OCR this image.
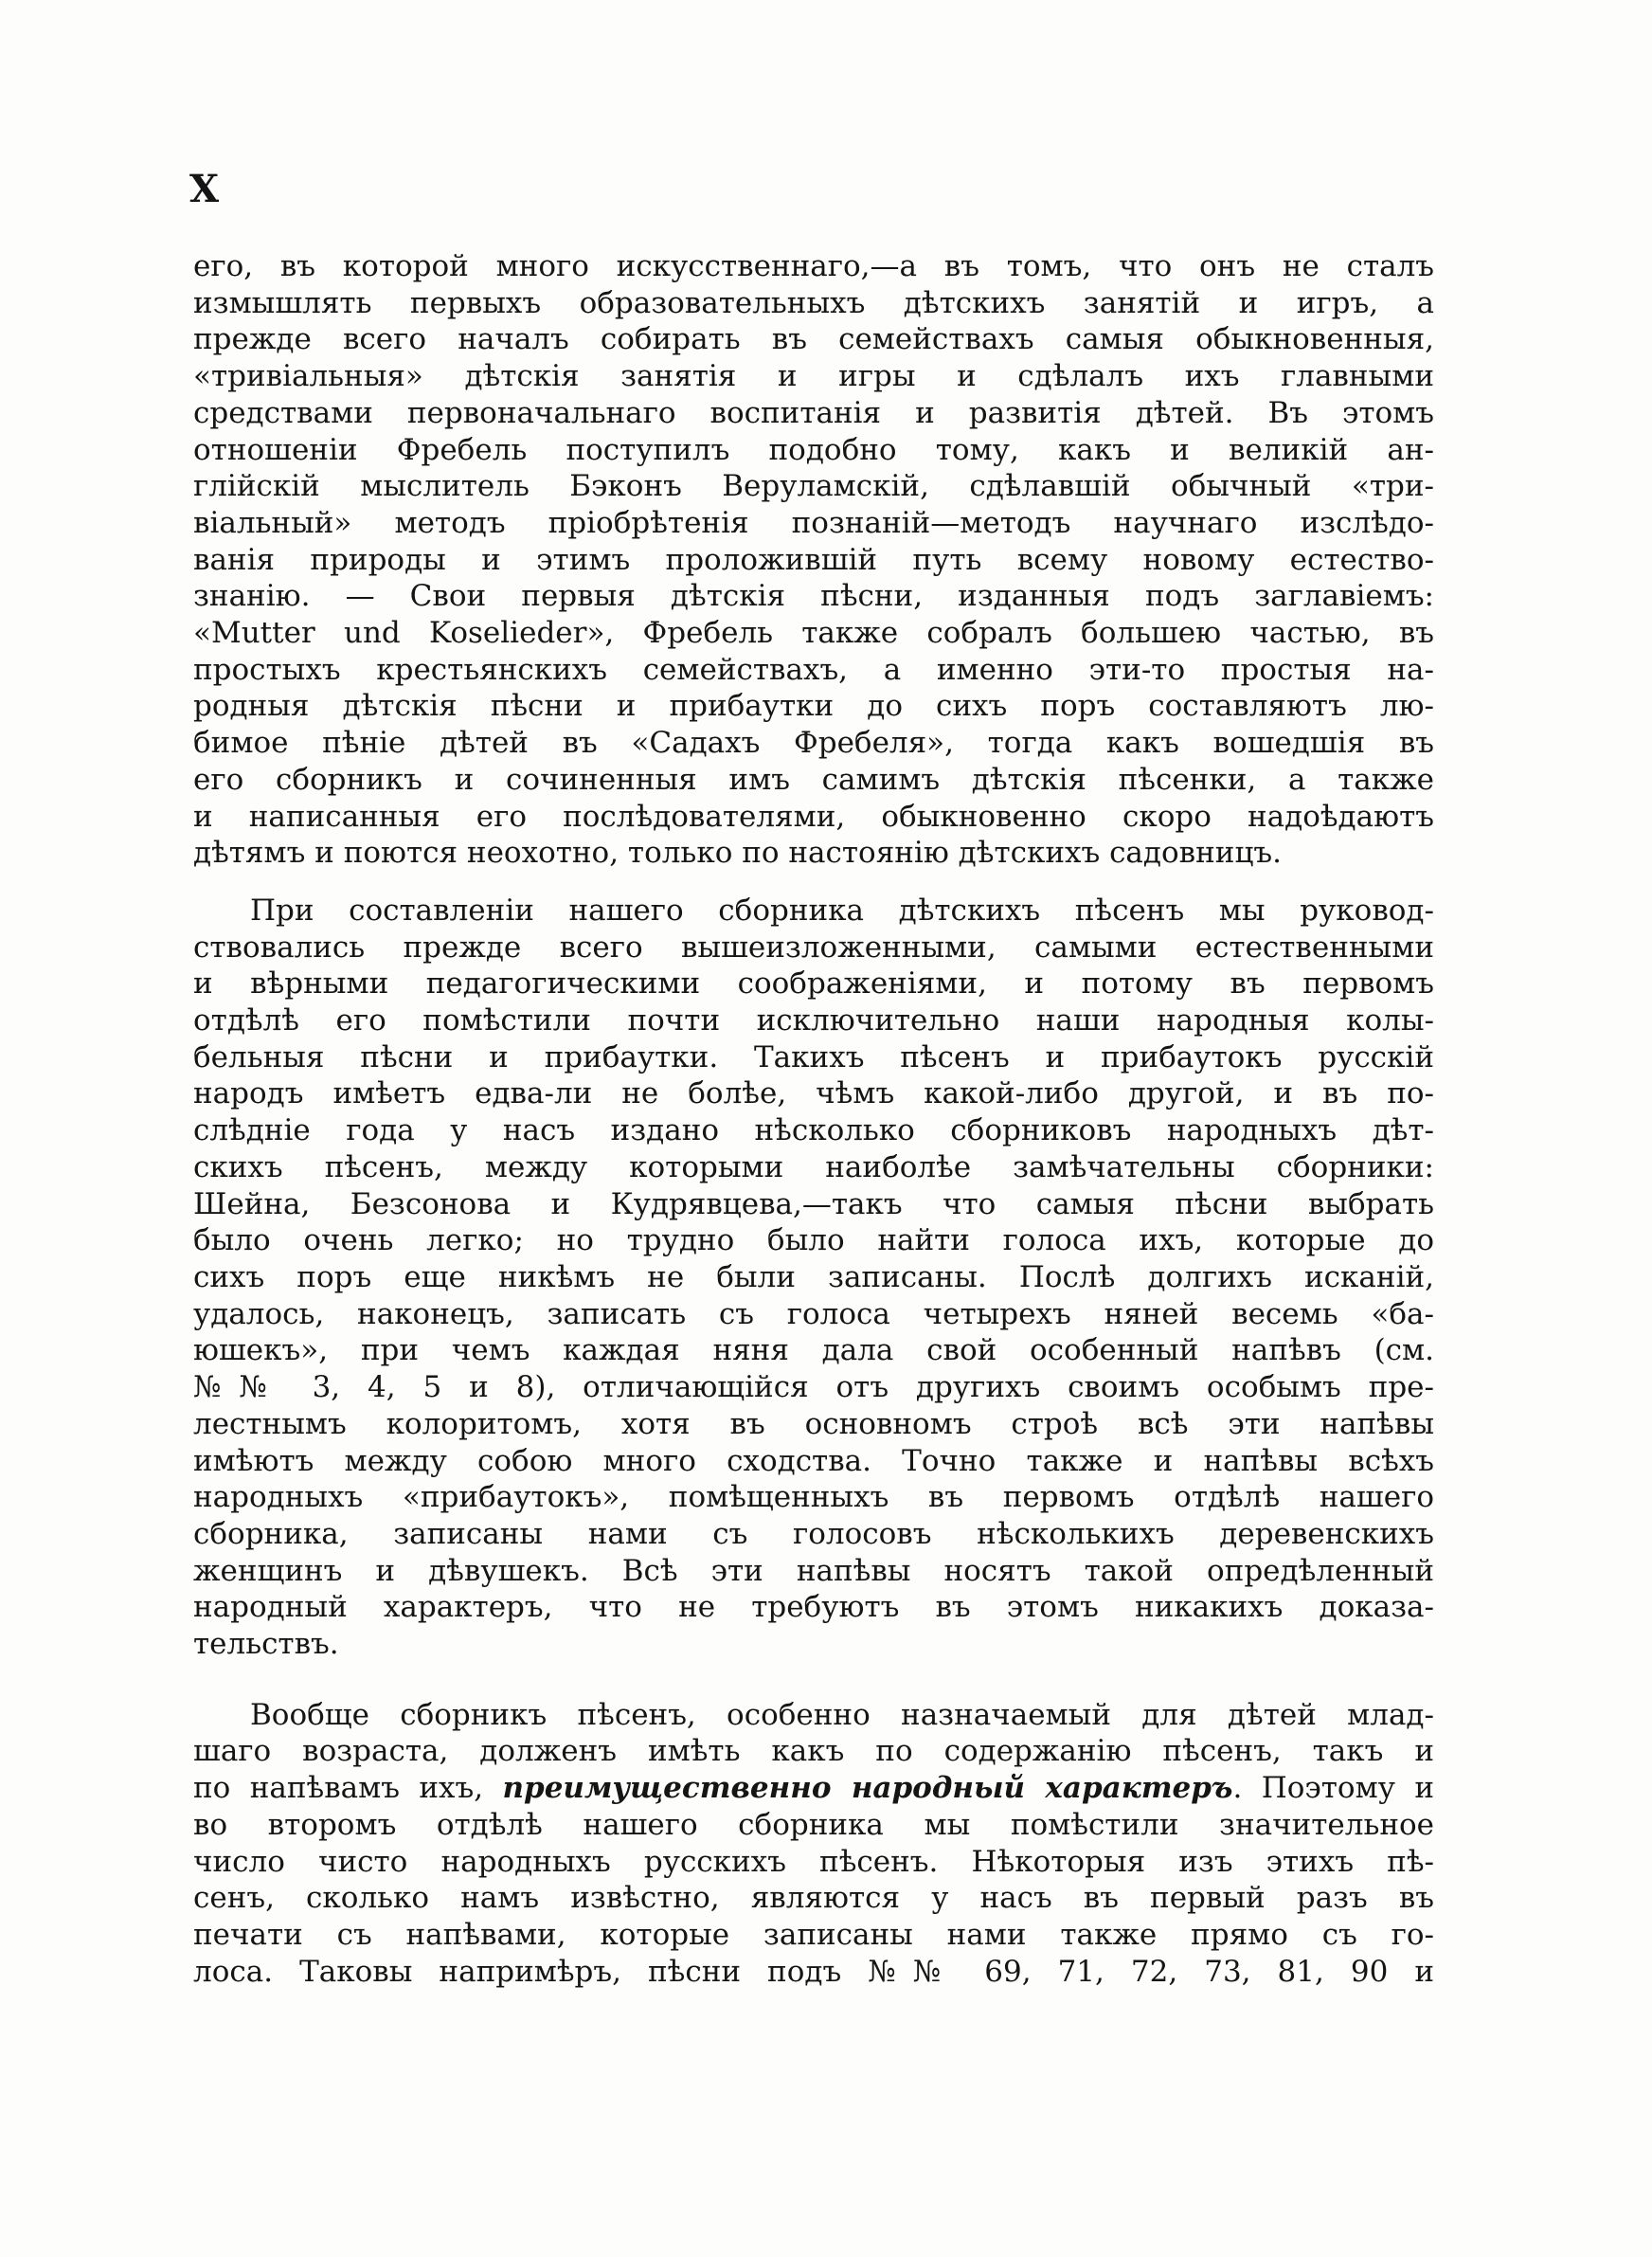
X

его, въ которой много искусственнаго,—а въ томъ, что онъ не сталъ
измышлять первыхъ образовательныхъ дѣтскихъ занятій и игръ, а
прежде всего началъ собирать въ семействахъ самыя обыкновенныя,
«тривіальныя» дѣтскія занятія и игры и сдѣлалъ ихъ главными
средствами первоначальнаго воспитанія и развитія дѣтей. Въ этомъ
отношеніи Фребель поступилъ подобно тому, какъ и великій ан-
глійскій мыслитель Бэконъ Веруламскій, сдѣлавшій обычный «три-
віальный» методъ пріобрѣтенія познаній—методъ научнаго изслѣдо-
ванія природы и этимъ проложившій путь всему новому естество-
знанію. — Свои первыя дѣтскія пѣсни, изданныя подъ заглавіемъ:
«Mutter und Koselieder», Фребель также собралъ большею частью, въ
простыхъ крестьянскихъ семействахъ, а именно эти-то простыя на-
родныя дѣтскія пѣсни и прибаутки до сихъ поръ составляютъ лю-
бимое пѣніе дѣтей въ «Садахъ Фребеля», тогда какъ вошедшія въ
его сборникъ и сочиненныя имъ самимъ дѣтскія пѣсенки, а также
и написанныя его послѣдователями, обыкновенно скоро надоѣдаютъ
дѣтямъ и поются неохотно, только по настоянію дѣтскихъ садовницъ.

При составленіи нашего сборника дѣтскихъ пѣсенъ мы руковод-
ствовались прежде всего вышеизложенными, самыми естественными
и вѣрными педагогическими соображеніями, и потому въ первомъ
отдѣлѣ его помѣстили почти исключительно наши народныя колы-
бельныя пѣсни и прибаутки. Такихъ пѣсенъ и прибаутокъ русскій
народъ имѣетъ едва-ли не болѣе, чѣмъ какой-либо другой, и въ по-
слѣдніе года у насъ издано нѣсколько сборниковъ народныхъ дѣт-
скихъ пѣсенъ, между которыми наиболѣе замѣчательны сборники:
Шейна, Безсонова и Кудрявцева,—такъ что самыя пѣсни выбрать
было очень легко; но трудно было найти голоса ихъ, которые до
сихъ поръ еще никѣмъ не были записаны. Послѣ долгихъ исканій,
удалось, наконецъ, записать съ голоса четырехъ няней весемь «ба-
юшекъ», при чемъ каждая няня дала свой особенный напѣвъ (см.
№№ 3, 4, 5 и 8), отличающійся отъ другихъ своимъ особымъ пре-
лестнымъ колоритомъ, хотя въ основномъ строѣ всѣ эти напѣвы
имѣютъ между собою много сходства. Точно также и напѣвы всѣхъ
народныхъ «прибаутокъ», помѣщенныхъ въ первомъ отдѣлѣ нашего
сборника, записаны нами съ голосовъ нѣсколькихъ деревенскихъ
женщинъ и дѣвушекъ. Всѣ эти напѣвы носятъ такой опредѣленный
народный характеръ, что не требуютъ въ этомъ никакихъ доказа-
тельствъ.

Вообще сборникъ пѣсенъ, особенно назначаемый для дѣтей млад-
шаго возраста, долженъ имѣть какъ по содержанію пѣсенъ, такъ и
по напѣвамъ ихъ, преимущественно народный характеръ. Поэтому и
во второмъ отдѣлѣ нашего сборника мы помѣстили значительное
число чисто народныхъ русскихъ пѣсенъ. Нѣкоторыя изъ этихъ пѣ-
сенъ, сколько намъ извѣстно, являются у насъ въ первый разъ въ
печати съ напѣвами, которые записаны нами также прямо съ го-
лоса. Таковы напримѣръ, пѣсни подъ №№ 69, 71, 72, 73, 81, 90 и
